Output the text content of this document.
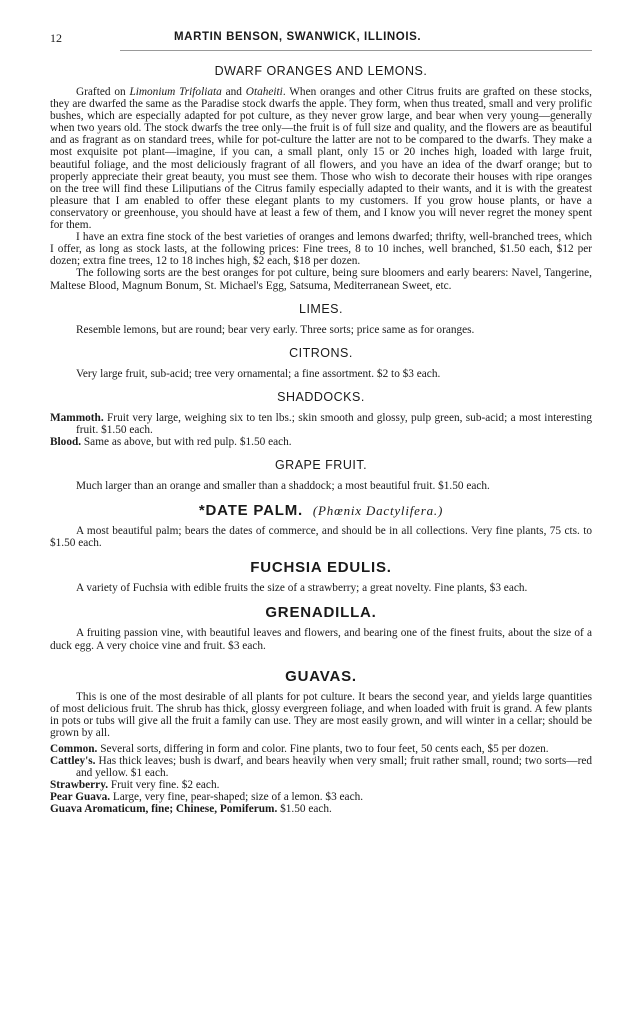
12	MARTIN BENSON, SWANWICK, ILLINOIS.
DWARF ORANGES AND LEMONS.

Grafted on Limonium Trifoliata and Otaheiti. When oranges and other Citrus fruits are grafted on these stocks, they are dwarfed the same as the Paradise stock dwarfs the apple. They form, when thus treated, small and very prolific bushes, which are especially adapted for pot culture, as they never grow large, and bear when very young—generally when two years old. The stock dwarfs the tree only—the fruit is of full size and quality, and the flowers are as beautiful and as fragrant as on standard trees, while for pot-culture the latter are not to be compared to the dwarfs. They make a most exquisite pot plant—imagine, if you can, a small plant, only 15 or 20 inches high, loaded with large fruit, beautiful foliage, and the most deliciously fragrant of all flowers, and you have an idea of the dwarf orange; but to properly appreciate their great beauty, you must see them. Those who wish to decorate their houses with ripe oranges on the tree will find these Liliputians of the Citrus family especially adapted to their wants, and it is with the greatest pleasure that I am enabled to offer these elegant plants to my customers. If you grow house plants, or have a conservatory or greenhouse, you should have at least a few of them, and I know you will never regret the money spent for them.

I have an extra fine stock of the best varieties of oranges and lemons dwarfed; thrifty, well-branched trees, which I offer, as long as stock lasts, at the following prices: Fine trees, 8 to 10 inches, well branched, $1.50 each, $12 per dozen; extra fine trees, 12 to 18 inches high, $2 each, $18 per dozen.

The following sorts are the best oranges for pot culture, being sure bloomers and early bearers: Navel, Tangerine, Maltese Blood, Magnum Bonum, St. Michael's Egg, Satsuma, Mediterranean Sweet, etc.

LIMES.

Resemble lemons, but are round; bear very early. Three sorts; price same as for oranges.

CITRONS.

Very large fruit, sub-acid; tree very ornamental; a fine assortment. $2 to $3 each.

SHADDOCKS.

Mammoth. Fruit very large, weighing six to ten lbs.; skin smooth and glossy, pulp green, sub-acid; a most interesting fruit. $1.50 each.

Blood. Same as above, but with red pulp. $1.50 each.

GRAPE FRUIT.

Much larger than an orange and smaller than a shaddock; a most beautiful fruit. $1.50 each.

*DATE PALM. (Phœnix Dactylifera.)

A most beautiful palm; bears the dates of commerce, and should be in all collections. Very fine plants, 75 cts. to $1.50 each.

FUCHSIA EDULIS.

A variety of Fuchsia with edible fruits the size of a strawberry; a great novelty. Fine plants, $3 each.

GRENADILLA.

A fruiting passion vine, with beautiful leaves and flowers, and bearing one of the finest fruits, about the size of a duck egg. A very choice vine and fruit. $3 each.

GUAVAS.

This is one of the most desirable of all plants for pot culture. It bears the second year, and yields large quantities of most delicious fruit. The shrub has thick, glossy evergreen foliage, and when loaded with fruit is grand. A few plants in pots or tubs will give all the fruit a family can use. They are most easily grown, and will winter in a cellar; should be grown by all.

Common. Several sorts, differing in form and color. Fine plants, two to four feet, 50 cents each, $5 per dozen.

Cattley's. Has thick leaves; bush is dwarf, and bears heavily when very small; fruit rather small, round; two sorts—red and yellow. $1 each.

Strawberry. Fruit very fine. $2 each.

Pear Guava. Large, very fine, pear-shaped; size of a lemon. $3 each.

Guava Aromaticum, fine; Chinese, Pomiferum. $1.50 each.
